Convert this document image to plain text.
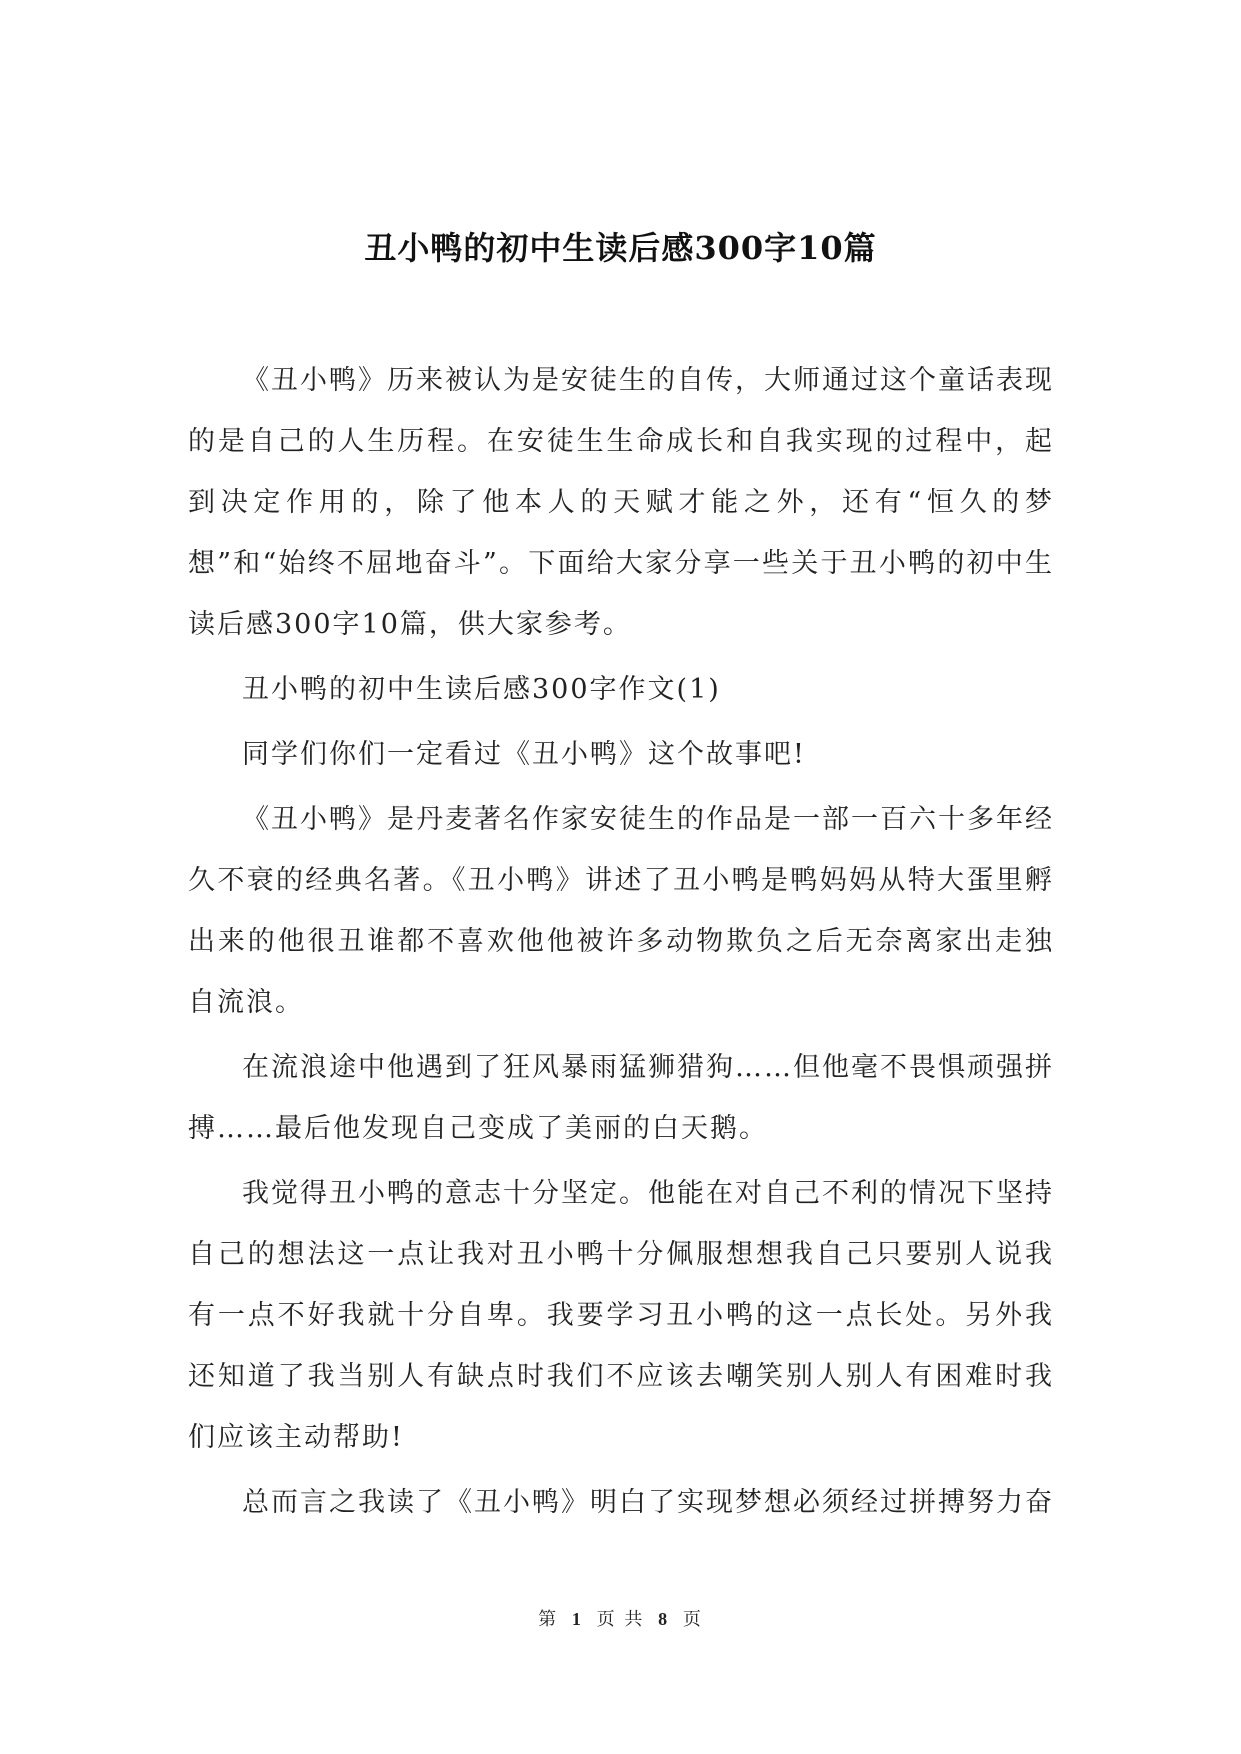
丑小鸭的初中生读后感300字10篇

《丑小鸭》历来被认为是安徒生的自传，大师通过这个童话表现的是自己的人生历程。在安徒生生命成长和自我实现的过程中，起到决定作用的，除了他本人的天赋才能之外，还有“恒久的梦想”和“始终不屈地奋斗”。下面给大家分享一些关于丑小鸭的初中生读后感300字10篇，供大家参考。

丑小鸭的初中生读后感300字作文(1)

同学们你们一定看过《丑小鸭》这个故事吧!

《丑小鸭》是丹麦著名作家安徒生的作品是一部一百六十多年经久不衰的经典名著。《丑小鸭》讲述了丑小鸭是鸭妈妈从特大蛋里孵出来的他很丑谁都不喜欢他他被许多动物欺负之后无奈离家出走独自流浪。

在流浪途中他遇到了狂风暴雨猛狮猎狗……但他毫不畏惧顽强拼搏……最后他发现自己变成了美丽的白天鹅。

我觉得丑小鸭的意志十分坚定。他能在对自己不利的情况下坚持自己的想法这一点让我对丑小鸭十分佩服想想我自己只要别人说我有一点不好我就十分自卑。我要学习丑小鸭的这一点长处。另外我还知道了我当别人有缺点时我们不应该去嘲笑别人别人有困难时我们应该主动帮助!

总而言之我读了《丑小鸭》明白了实现梦想必须经过拼搏努力奋

第 1 页 共 8 页
